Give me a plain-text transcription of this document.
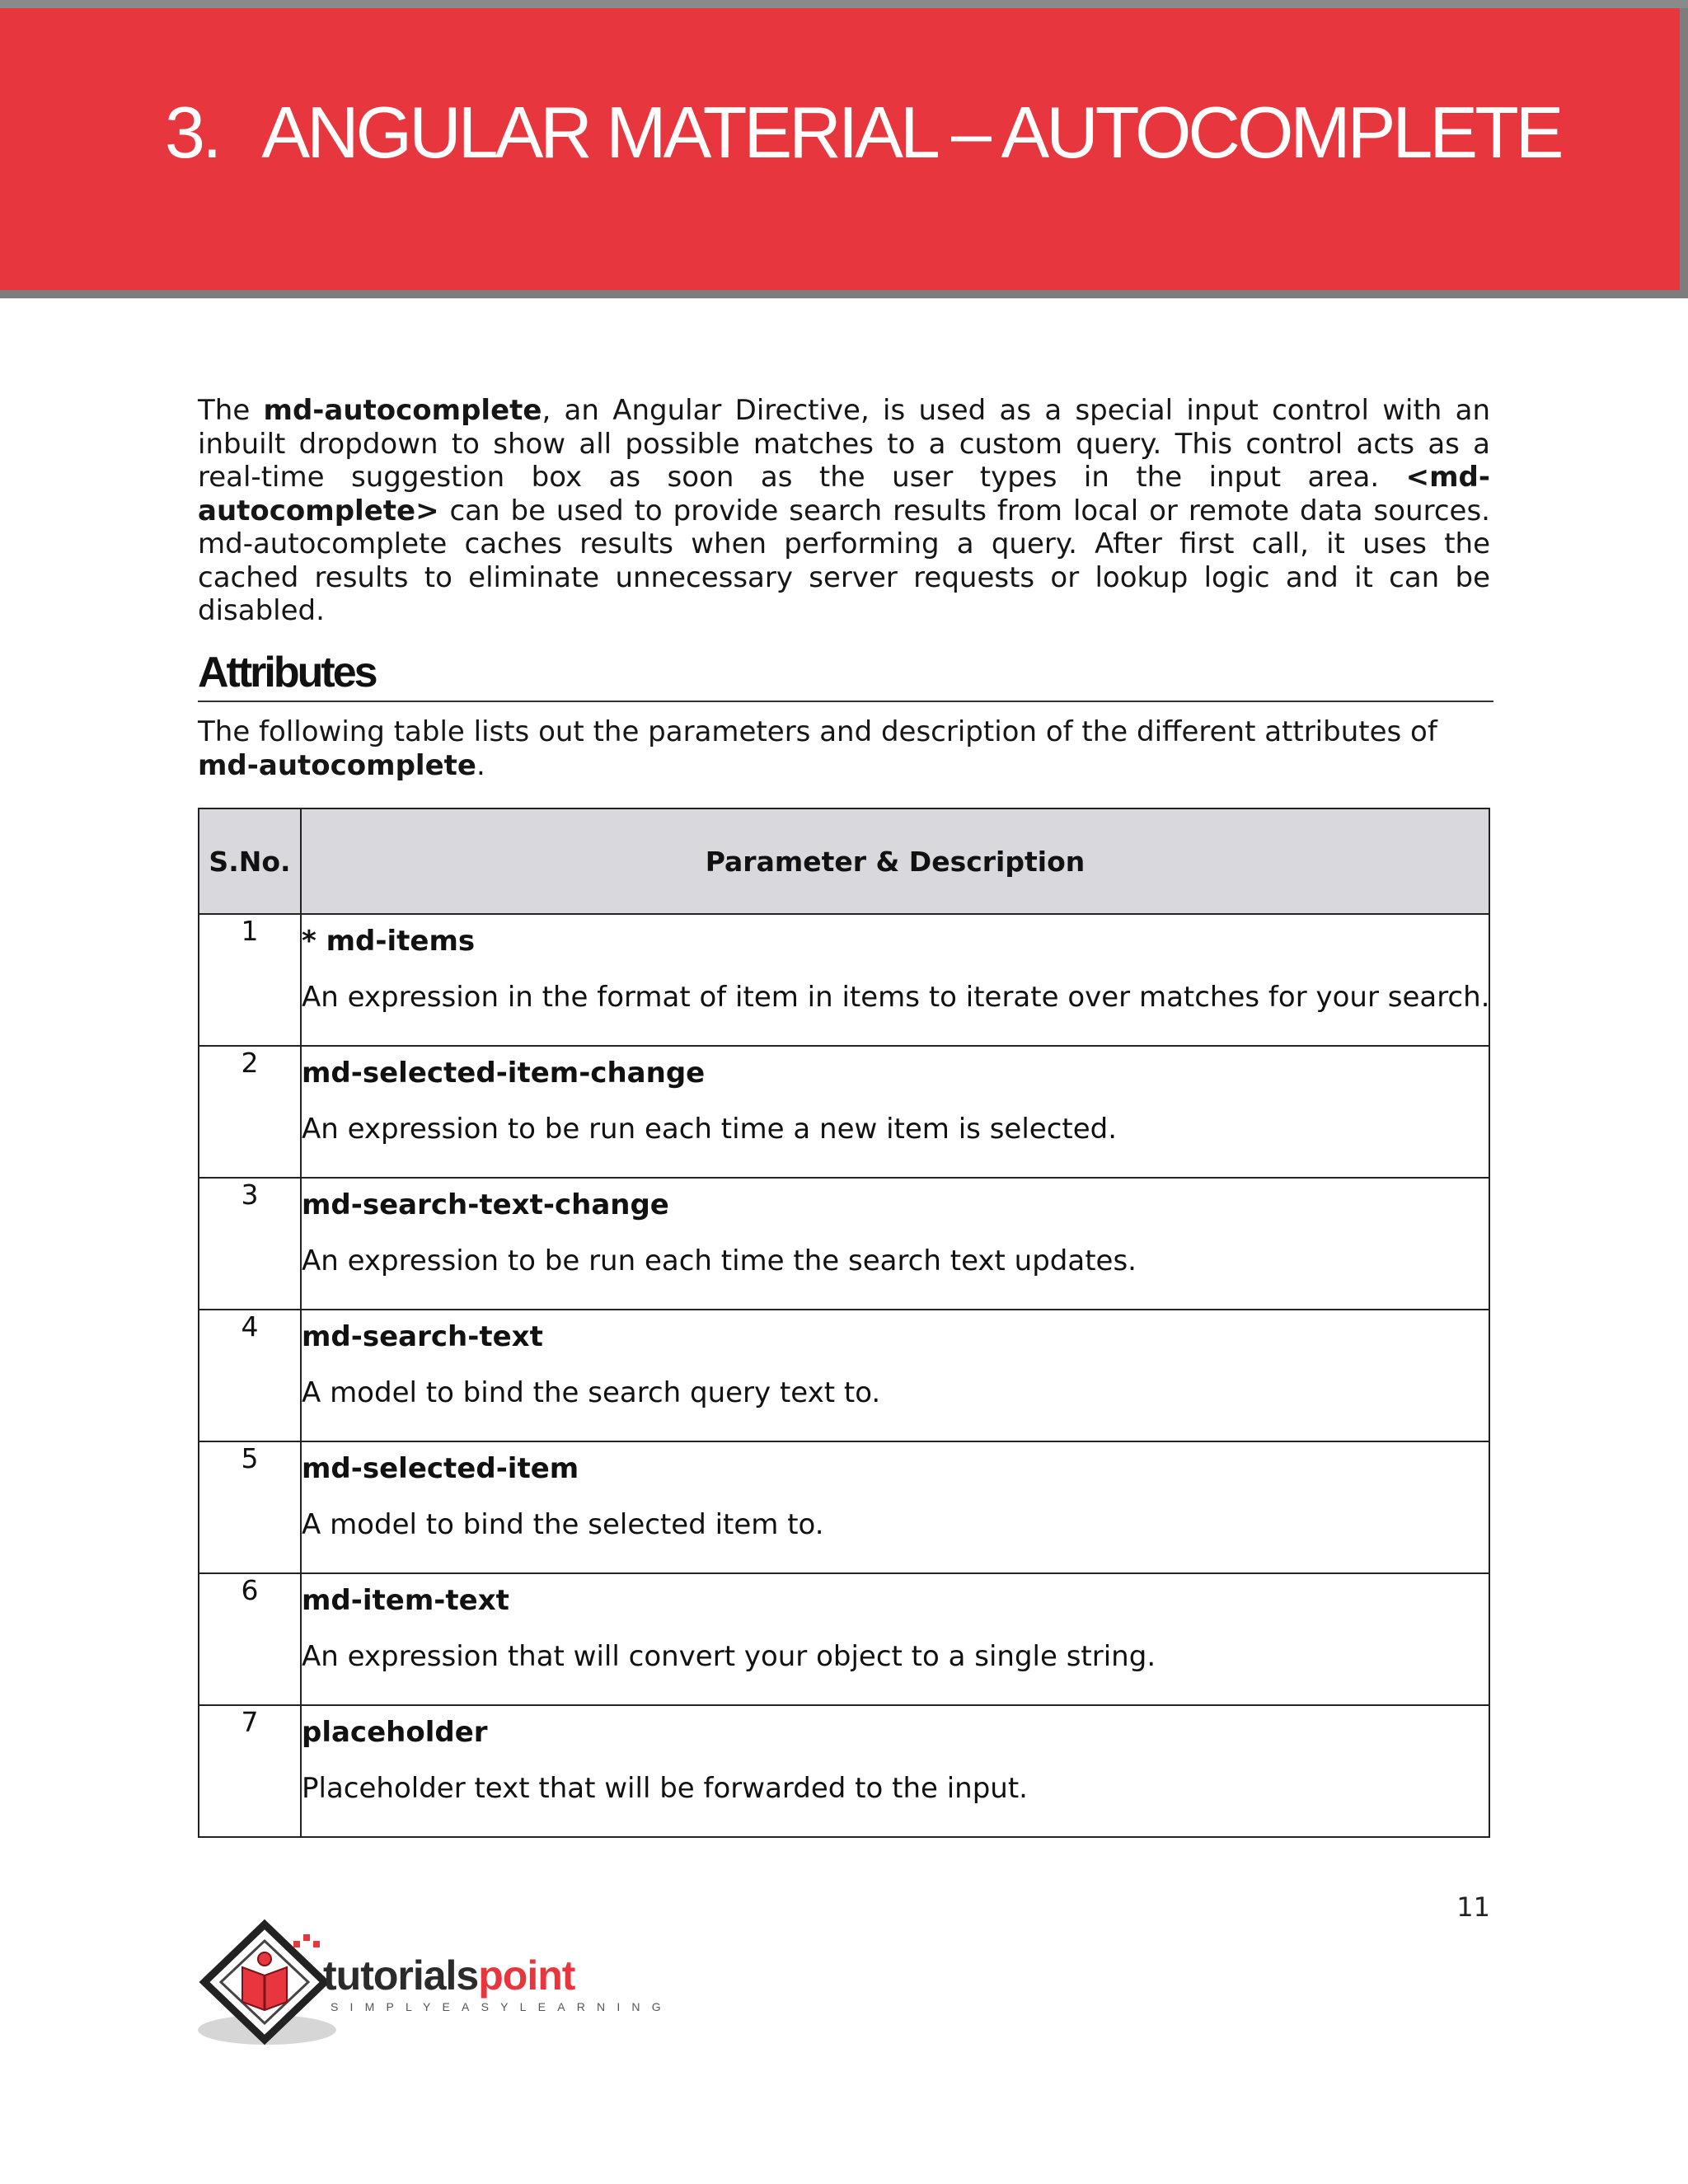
3. ANGULAR MATERIAL – AUTOCOMPLETE

The md-autocomplete, an Angular Directive, is used as a special input control with an inbuilt dropdown to show all possible matches to a custom query. This control acts as a real-time suggestion box as soon as the user types in the input area. <md-autocomplete> can be used to provide search results from local or remote data sources. md-autocomplete caches results when performing a query. After first call, it uses the cached results to eliminate unnecessary server requests or lookup logic and it can be disabled.

Attributes

The following table lists out the parameters and description of the different attributes of md-autocomplete.

S.No.	Parameter & Description
1	* md-items
An expression in the format of item in items to iterate over matches for your search.

2	md-selected-item-change
An expression to be run each time a new item is selected.

3	md-search-text-change
An expression to be run each time the search text updates.

4	md-search-text
A model to bind the search query text to.

5	md-selected-item
A model to bind the selected item to.

6	md-item-text
An expression that will convert your object to a single string.

7	placeholder
Placeholder text that will be forwarded to the input.
11
tutorialspoint
SIMPLYEASYLEARNING
